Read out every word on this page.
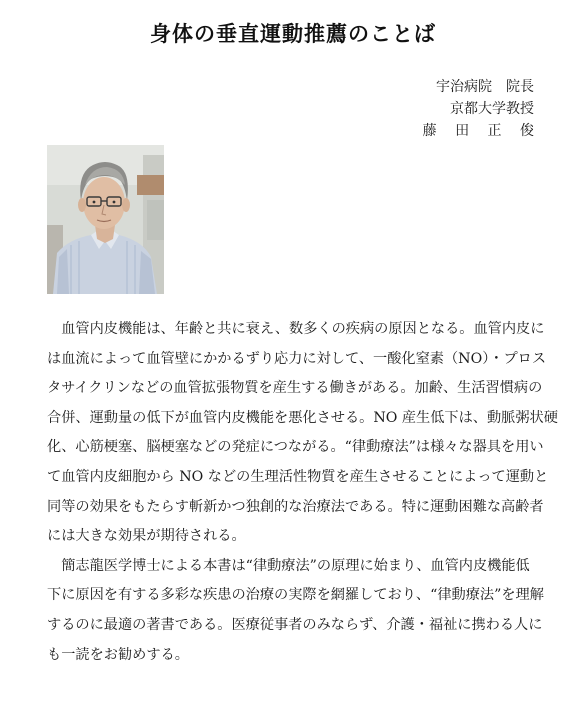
身体の垂直運動推薦のことば
宇治病院　院長
京都大学教授
藤 田 正 俊

血管内皮機能は、年齢と共に衰え、数多くの疾病の原因となる。血管内皮に
は血流によって血管壁にかかるずり応力に対して、一酸化窒素（NO）・プロス
タサイクリンなどの血管拡張物質を産生する働きがある。加齢、生活習慣病の
合併、運動量の低下が血管内皮機能を悪化させる。NO 産生低下は、動脈粥状硬
化、心筋梗塞、脳梗塞などの発症につながる。“律動療法”は様々な器具を用い
て血管内皮細胞から NO などの生理活性物質を産生させることによって運動と
同等の効果をもたらす斬新かつ独創的な治療法である。特に運動困難な高齢者
には大きな効果が期待される。

簡志龍医学博士による本書は“律動療法”の原理に始まり、血管内皮機能低
下に原因を有する多彩な疾患の治療の実際を網羅しており、“律動療法”を理解
するのに最適の著書である。医療従事者のみならず、介護・福祉に携わる人に
も一読をお勧めする。
